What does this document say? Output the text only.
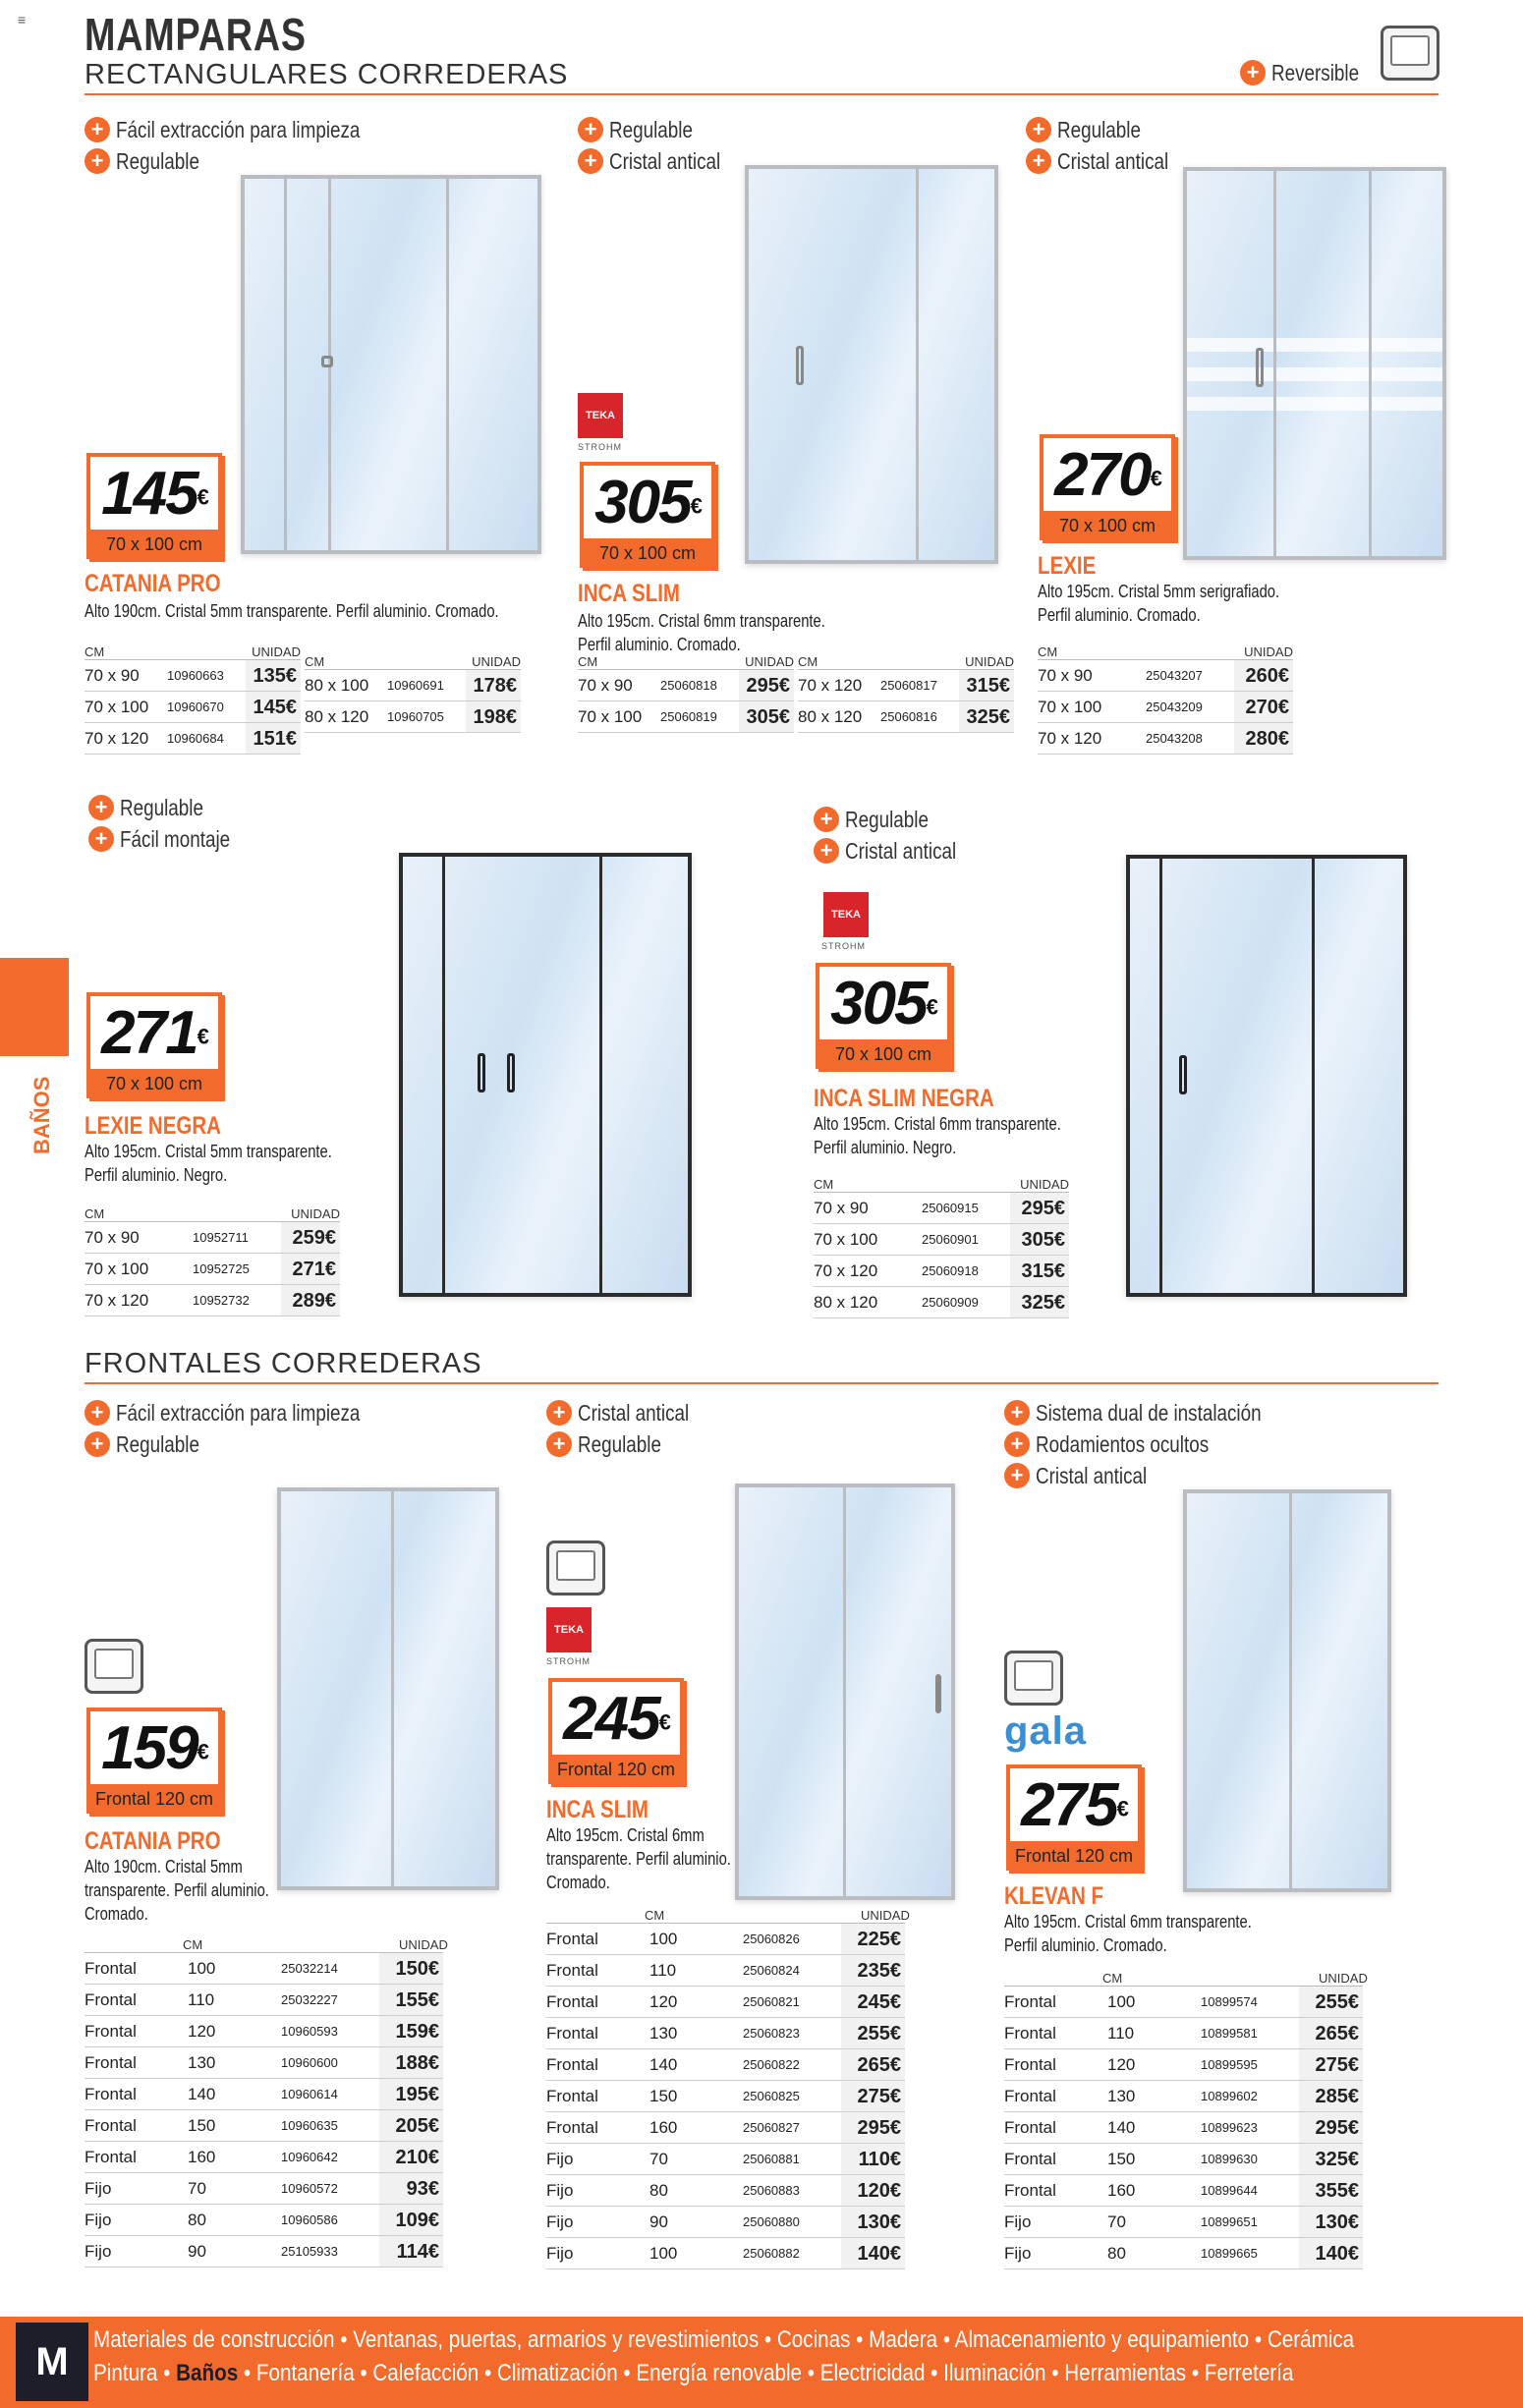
≡ MAMPARAS
RECTANGULARES CORREDERAS	+ Reversible
BAÑOS
+ Fácil extracción para limpieza
+ Regulable
145€
70 x 100 cm
CATANIA PRO
Alto 190cm. Cristal 5mm transparente. Perfil aluminio. Cromado.
CM	UNIDAD
70 x 90	10960663	135€
70 x 100	10960670	145€
70 x 120	10960684	151€
CM	UNIDAD
80 x 100	10960691	178€
80 x 120	10960705	198€
+ Regulable
+ Cristal antical
TEKA
STROHM
305€
70 x 100 cm
INCA SLIM
Alto 195cm. Cristal 6mm transparente. Perfil aluminio. Cromado.
CM	UNIDAD
70 x 90	25060818	295€
70 x 100	25060819	305€
CM	UNIDAD
70 x 120	25060817	315€
80 x 120	25060816	325€
+ Regulable
+ Cristal antical
270€
70 x 100 cm
LEXIE
Alto 195cm. Cristal 5mm serigrafiado. Perfil aluminio. Cromado.
CM	UNIDAD
70 x 90	25043207	260€
70 x 100	25043209	270€
70 x 120	25043208	280€
+ Regulable
+ Fácil montaje
271€
70 x 100 cm
LEXIE NEGRA
Alto 195cm. Cristal 5mm transparente. Perfil aluminio. Negro.
CM	UNIDAD
70 x 90	10952711	259€
70 x 100	10952725	271€
70 x 120	10952732	289€
+ Regulable
+ Cristal antical
TEKA
STROHM
305€
70 x 100 cm
INCA SLIM NEGRA
Alto 195cm. Cristal 6mm transparente. Perfil aluminio. Negro.
CM	UNIDAD
70 x 90	25060915	295€
70 x 100	25060901	305€
70 x 120	25060918	315€
80 x 120	25060909	325€
FRONTALES CORREDERAS
+ Fácil extracción para limpieza
+ Regulable
159€
Frontal 120 cm
CATANIA PRO
Alto 190cm. Cristal 5mm transparente. Perfil aluminio. Cromado.
CM	UNIDAD
Frontal	100	25032214	150€
Frontal	110	25032227	155€
Frontal	120	10960593	159€
Frontal	130	10960600	188€
Frontal	140	10960614	195€
Frontal	150	10960635	205€
Frontal	160	10960642	210€
Fijo	70	10960572	93€
Fijo	80	10960586	109€
Fijo	90	25105933	114€
+ Cristal antical
+ Regulable
TEKA
STROHM
245€
Frontal 120 cm
INCA SLIM
Alto 195cm. Cristal 6mm transparente. Perfil aluminio. Cromado.
CM	UNIDAD
Frontal	100	25060826	225€
Frontal	110	25060824	235€
Frontal	120	25060821	245€
Frontal	130	25060823	255€
Frontal	140	25060822	265€
Frontal	150	25060825	275€
Frontal	160	25060827	295€
Fijo	70	25060881	110€
Fijo	80	25060883	120€
Fijo	90	25060880	130€
Fijo	100	25060882	140€
+ Sistema dual de instalación
+ Rodamientos ocultos
+ Cristal antical
gala
275€
Frontal 120 cm
KLEVAN F
Alto 195cm. Cristal 6mm transparente. Perfil aluminio. Cromado.
CM	UNIDAD
Frontal	100	10899574	255€
Frontal	110	10899581	265€
Frontal	120	10899595	275€
Frontal	130	10899602	285€
Frontal	140	10899623	295€
Frontal	150	10899630	325€
Frontal	160	10899644	355€
Fijo	70	10899651	130€
Fijo	80	10899665	140€
M
Materiales de construcción • Ventanas, puertas, armarios y revestimientos • Cocinas • Madera • Almacenamiento y equipamiento • Cerámica
Pintura • Baños • Fontanería • Calefacción • Climatización • Energía renovable • Electricidad • Iluminación • Herramientas • Ferretería
